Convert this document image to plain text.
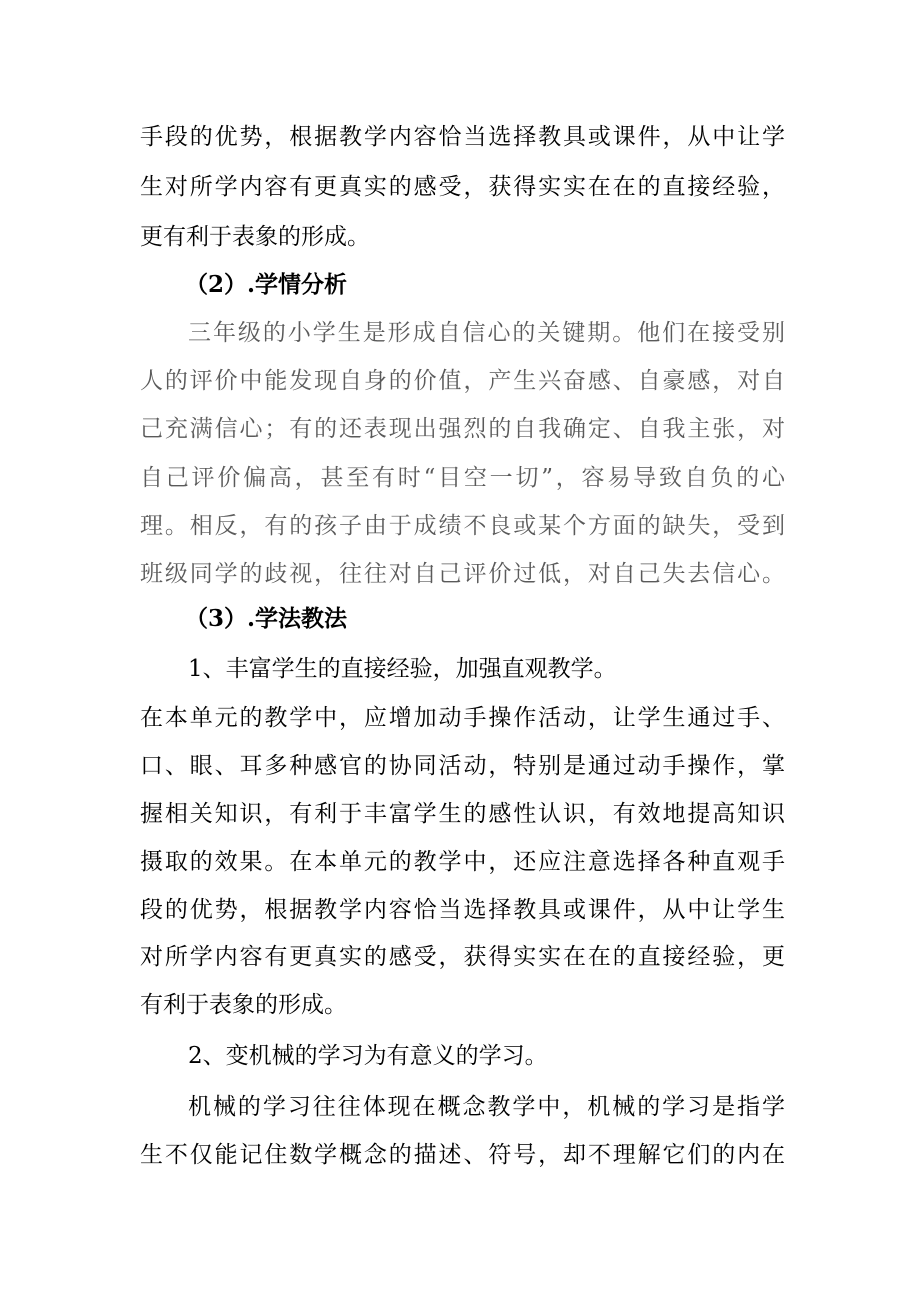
手段的优势，根据教学内容恰当选择教具或课件，从中让学
生对所学内容有更真实的感受，获得实实在在的直接经验，
更有利于表象的形成。
（2）.学情分析
三年级的小学生是形成自信心的关键期。他们在接受别
人的评价中能发现自身的价值，产生兴奋感、自豪感，对自
己充满信心；有的还表现出强烈的自我确定、自我主张，对
自己评价偏高，甚至有时“目空一切”，容易导致自负的心
理。相反，有的孩子由于成绩不良或某个方面的缺失，受到
班级同学的歧视，往往对自己评价过低，对自己失去信心。
（3）.学法教法
1、丰富学生的直接经验，加强直观教学。
在本单元的教学中，应增加动手操作活动，让学生通过手、
口、眼、耳多种感官的协同活动，特别是通过动手操作，掌
握相关知识，有利于丰富学生的感性认识，有效地提高知识
摄取的效果。在本单元的教学中，还应注意选择各种直观手
段的优势，根据教学内容恰当选择教具或课件，从中让学生
对所学内容有更真实的感受，获得实实在在的直接经验，更
有利于表象的形成。
2、变机械的学习为有意义的学习。
机械的学习往往体现在概念教学中，机械的学习是指学
生不仅能记住数学概念的描述、符号，却不理解它们的内在
